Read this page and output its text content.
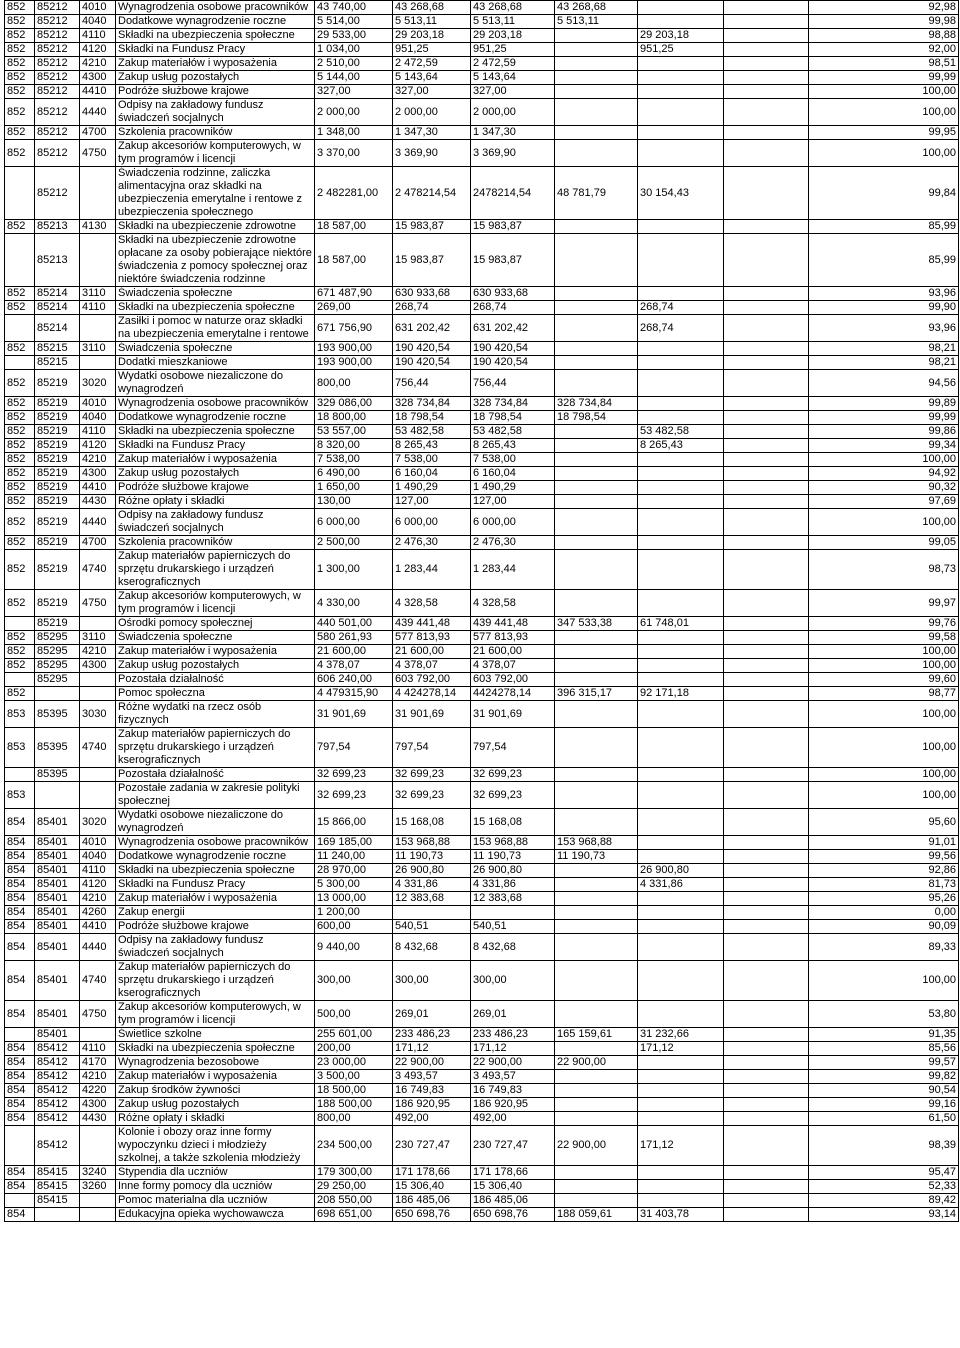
852	85212	4010	Wynagrodzenia osobowe pracowników	43 740,00	43 268,68	43 268,68	43 268,68			92,98
852	85212	4040	Dodatkowe wynagrodzenie roczne	5 514,00	5 513,11	5 513,11	5 513,11			99,98
852	85212	4110	Składki na ubezpieczenia społeczne	29 533,00	29 203,18	29 203,18		29 203,18		98,88
852	85212	4120	Składki na Fundusz Pracy	1 034,00	951,25	951,25		951,25		92,00
852	85212	4210	Zakup materiałów i wyposażenia	2 510,00	2 472,59	2 472,59				98,51
852	85212	4300	Zakup usług pozostałych	5 144,00	5 143,64	5 143,64				99,99
852	85212	4410	Podróże służbowe krajowe	327,00	327,00	327,00				100,00
852	85212	4440	Odpisy na zakładowy fundusz świadczeń socjalnych	2 000,00	2 000,00	2 000,00				100,00
852	85212	4700	Szkolenia pracowników	1 348,00	1 347,30	1 347,30				99,95
852	85212	4750	Zakup akcesoriów komputerowych, w tym programów i licencji	3 370,00	3 369,90	3 369,90				100,00
	85212		Świadczenia rodzinne, zaliczka alimentacyjna oraz składki na ubezpieczenia emerytalne i rentowe z ubezpieczenia społecznego	2 482281,00	2 478214,54	2478214,54	48 781,79	30 154,43		99,84
852	85213	4130	Składki na ubezpieczenie zdrowotne	18 587,00	15 983,87	15 983,87				85,99
	85213		Składki na ubezpieczenie zdrowotne opłacane za osoby pobierające niektóre świadczenia z pomocy społecznej oraz niektóre świadczenia rodzinne	18 587,00	15 983,87	15 983,87				85,99
852	85214	3110	Świadczenia społeczne	671 487,90	630 933,68	630 933,68				93,96
852	85214	4110	Składki na ubezpieczenia społeczne	269,00	268,74	268,74		268,74		99,90
	85214		Zasiłki i pomoc w naturze oraz składki na ubezpieczenia emerytalne i rentowe	671 756,90	631 202,42	631 202,42		268,74		93,96
852	85215	3110	Świadczenia społeczne	193 900,00	190 420,54	190 420,54				98,21
	85215		Dodatki mieszkaniowe	193 900,00	190 420,54	190 420,54				98,21
852	85219	3020	Wydatki osobowe niezaliczone do wynagrodzeń	800,00	756,44	756,44				94,56
852	85219	4010	Wynagrodzenia osobowe pracowników	329 086,00	328 734,84	328 734,84	328 734,84			99,89
852	85219	4040	Dodatkowe wynagrodzenie roczne	18 800,00	18 798,54	18 798,54	18 798,54			99,99
852	85219	4110	Składki na ubezpieczenia społeczne	53 557,00	53 482,58	53 482,58		53 482,58		99,86
852	85219	4120	Składki na Fundusz Pracy	8 320,00	8 265,43	8 265,43		8 265,43		99,34
852	85219	4210	Zakup materiałów i wyposażenia	7 538,00	7 538,00	7 538,00				100,00
852	85219	4300	Zakup usług pozostałych	6 490,00	6 160,04	6 160,04				94,92
852	85219	4410	Podróże służbowe krajowe	1 650,00	1 490,29	1 490,29				90,32
852	85219	4430	Różne opłaty i składki	130,00	127,00	127,00				97,69
852	85219	4440	Odpisy na zakładowy fundusz świadczeń socjalnych	6 000,00	6 000,00	6 000,00				100,00
852	85219	4700	Szkolenia pracowników	2 500,00	2 476,30	2 476,30				99,05
852	85219	4740	Zakup materiałów papierniczych do sprzętu drukarskiego i urządzeń kserograficznych	1 300,00	1 283,44	1 283,44				98,73
852	85219	4750	Zakup akcesoriów komputerowych, w tym programów i licencji	4 330,00	4 328,58	4 328,58				99,97
	85219		Ośrodki pomocy społecznej	440 501,00	439 441,48	439 441,48	347 533,38	61 748,01		99,76
852	85295	3110	Świadczenia społeczne	580 261,93	577 813,93	577 813,93				99,58
852	85295	4210	Zakup materiałów i wyposażenia	21 600,00	21 600,00	21 600,00				100,00
852	85295	4300	Zakup usług pozostałych	4 378,07	4 378,07	4 378,07				100,00
	85295		Pozostała działalność	606 240,00	603 792,00	603 792,00				99,60
852			Pomoc społeczna	4 479315,90	4 424278,14	4424278,14	396 315,17	92 171,18		98,77
853	85395	3030	Różne wydatki na rzecz osób fizycznych	31 901,69	31 901,69	31 901,69				100,00
853	85395	4740	Zakup materiałów papierniczych do sprzętu drukarskiego i urządzeń kserograficznych	797,54	797,54	797,54				100,00
	85395		Pozostała działalność	32 699,23	32 699,23	32 699,23				100,00
853			Pozostałe zadania w zakresie polityki społecznej	32 699,23	32 699,23	32 699,23				100,00
854	85401	3020	Wydatki osobowe niezaliczone do wynagrodzeń	15 866,00	15 168,08	15 168,08				95,60
854	85401	4010	Wynagrodzenia osobowe pracowników	169 185,00	153 968,88	153 968,88	153 968,88			91,01
854	85401	4040	Dodatkowe wynagrodzenie roczne	11 240,00	11 190,73	11 190,73	11 190,73			99,56
854	85401	4110	Składki na ubezpieczenia społeczne	28 970,00	26 900,80	26 900,80		26 900,80		92,86
854	85401	4120	Składki na Fundusz Pracy	5 300,00	4 331,86	4 331,86		4 331,86		81,73
854	85401	4210	Zakup materiałów i wyposażenia	13 000,00	12 383,68	12 383,68				95,26
854	85401	4260	Zakup energii	1 200,00						0,00
854	85401	4410	Podróże służbowe krajowe	600,00	540,51	540,51				90,09
854	85401	4440	Odpisy na zakładowy fundusz świadczeń socjalnych	9 440,00	8 432,68	8 432,68				89,33
854	85401	4740	Zakup materiałów papierniczych do sprzętu drukarskiego i urządzeń kserograficznych	300,00	300,00	300,00				100,00
854	85401	4750	Zakup akcesoriów komputerowych, w tym programów i licencji	500,00	269,01	269,01				53,80
	85401		Świetlice szkolne	255 601,00	233 486,23	233 486,23	165 159,61	31 232,66		91,35
854	85412	4110	Składki na ubezpieczenia społeczne	200,00	171,12	171,12		171,12		85,56
854	85412	4170	Wynagrodzenia bezosobowe	23 000,00	22 900,00	22 900,00	22 900,00			99,57
854	85412	4210	Zakup materiałów i wyposażenia	3 500,00	3 493,57	3 493,57				99,82
854	85412	4220	Zakup środków żywności	18 500,00	16 749,83	16 749,83				90,54
854	85412	4300	Zakup usług pozostałych	188 500,00	186 920,95	186 920,95				99,16
854	85412	4430	Różne opłaty i składki	800,00	492,00	492,00				61,50
	85412		Kolonie i obozy oraz inne formy wypoczynku dzieci i młodzieży szkolnej, a także szkolenia młodzieży	234 500,00	230 727,47	230 727,47	22 900,00	171,12		98,39
854	85415	3240	Stypendia dla uczniów	179 300,00	171 178,66	171 178,66				95,47
854	85415	3260	Inne formy pomocy dla uczniów	29 250,00	15 306,40	15 306,40				52,33
	85415		Pomoc materialna dla uczniów	208 550,00	186 485,06	186 485,06				89,42
854			Edukacyjna opieka wychowawcza	698 651,00	650 698,76	650 698,76	188 059,61	31 403,78		93,14
